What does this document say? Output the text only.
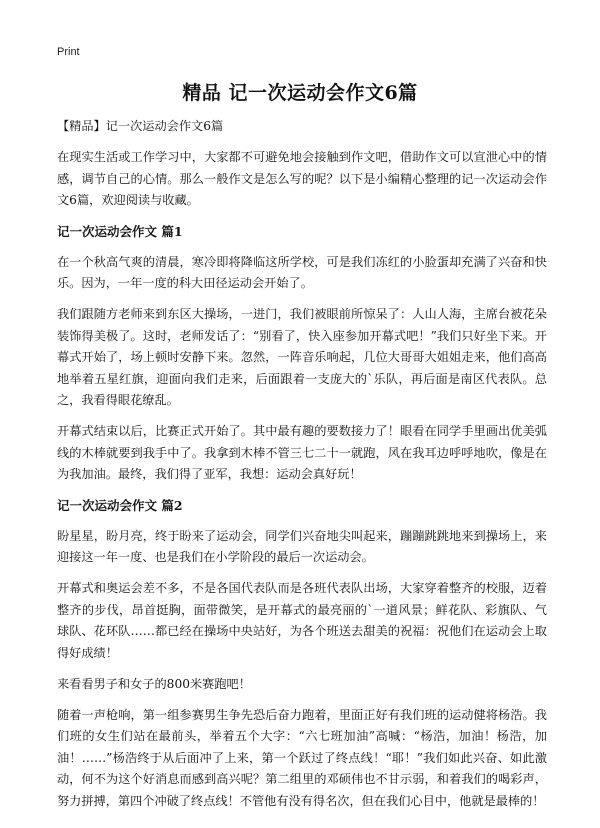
Print
精品 记一次运动会作文6篇

【精品】记一次运动会作文6篇

在现实生活或工作学习中，大家都不可避免地会接触到作文吧，借助作文可以宣泄心中的情感，调节自己的心情。那么一般作文是怎么写的呢？以下是小编精心整理的记一次运动会作文6篇，欢迎阅读与收藏。

记一次运动会作文 篇1

在一个秋高气爽的清晨，寒冷即将降临这所学校，可是我们冻红的小脸蛋却充满了兴奋和快乐。因为，一年一度的科大田径运动会开始了。

我们跟随方老师来到东区大操场，一进门，我们被眼前所惊呆了：人山人海，主席台被花朵装饰得美极了。这时，老师发话了：“别看了，快入座参加开幕式吧！”我们只好坐下来。开幕式开始了，场上顿时安静下来。忽然，一阵音乐响起，几位大哥哥大姐姐走来，他们高高地举着五星红旗，迎面向我们走来，后面跟着一支庞大的`乐队，再后面是南区代表队。总之，我看得眼花缭乱。

开幕式结束以后，比赛正式开始了。其中最有趣的要数接力了！眼看在同学手里画出优美弧线的木棒就要到我手中了。我拿到木棒不管三七二十一就跑，风在我耳边呼呼地吹，像是在为我加油。最终，我们得了亚军，我想：运动会真好玩！

记一次运动会作文 篇2

盼星星，盼月亮，终于盼来了运动会，同学们兴奋地尖叫起来，蹦蹦跳跳地来到操场上，来迎接这一年一度、也是我们在小学阶段的最后一次运动会。

开幕式和奥运会差不多，不是各国代表队而是各班代表队出场，大家穿着整齐的校服，迈着整齐的步伐，昂首挺胸，面带微笑，是开幕式的最亮丽的`一道风景；鲜花队、彩旗队、气球队、花环队……都已经在操场中央站好，为各个班送去甜美的祝福：祝他们在运动会上取得好成绩！

来看看男子和女子的800米赛跑吧！

随着一声枪响，第一组参赛男生争先恐后奋力跑着，里面正好有我们班的运动健将杨浩。我们班的女生们站在最前头，举着五个大字：“六七班加油”高喊：“杨浩，加油！杨浩，加油！……”杨浩终于从后面冲了上来，第一个跃过了终点线！“耶！”我们如此兴奋、如此激动，何不为这个好消息而感到高兴呢？第二组里的邓硕伟也不甘示弱，和着我们的喝彩声，努力拼搏，第四个冲破了终点线！不管他有没有得名次，但在我们心目中，他就是最棒的！
